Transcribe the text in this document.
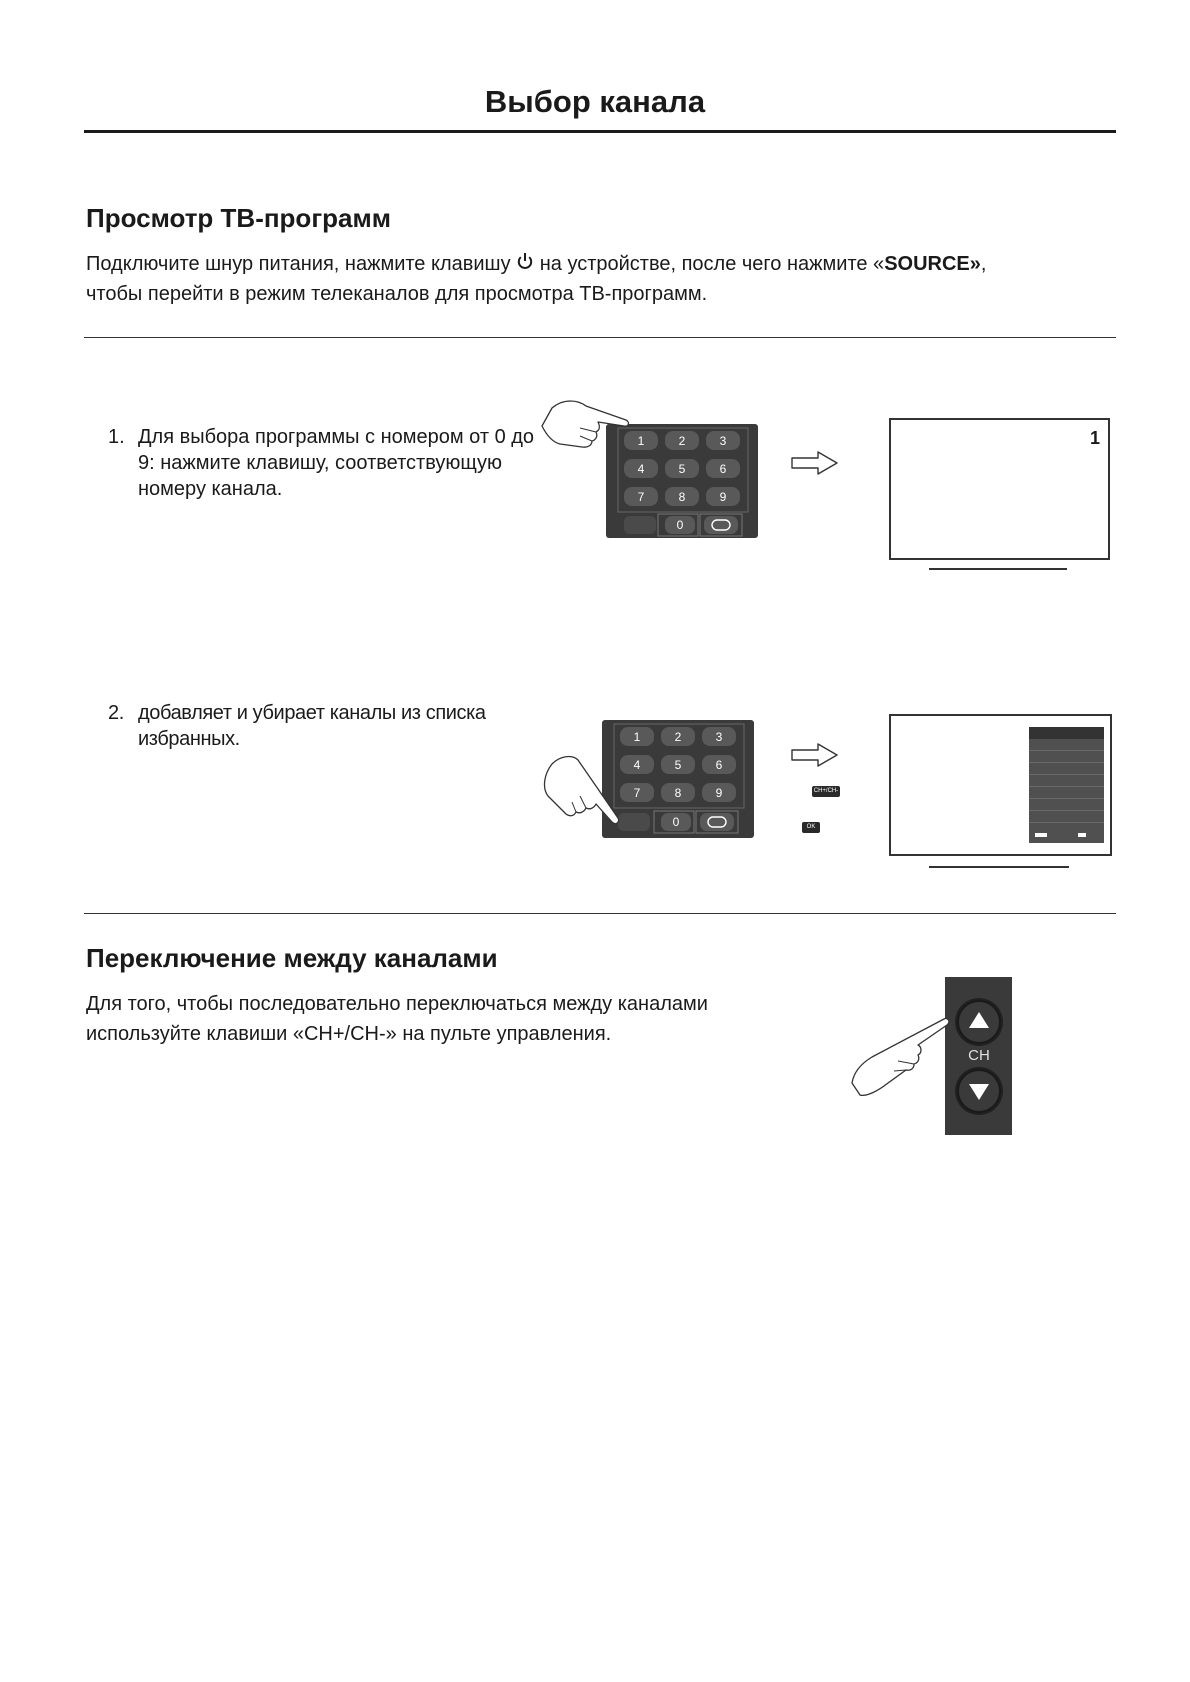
Выбор канала
Просмотр ТВ-программ
Подключите шнур питания, нажмите клавишу  на устройстве, после чего нажмите «SOURCE»,
чтобы перейти в режим телеканалов для просмотра ТВ-программ.
1. Для выбора программы с номером от 0 до 9: нажмите клавишу, соответствующую номеру канала.
1	2	3
4	5	6
7	8	9
0
1
2. добавляет и убирает каналы из списка избранных.	1	2	3
4	5	6
7	8	9
0
CH+/CH-
OK
Переключение между каналами
Для того, чтобы последовательно переключаться между каналами
используйте клавиши «CH+/CH-» на пульте управления.
CH
